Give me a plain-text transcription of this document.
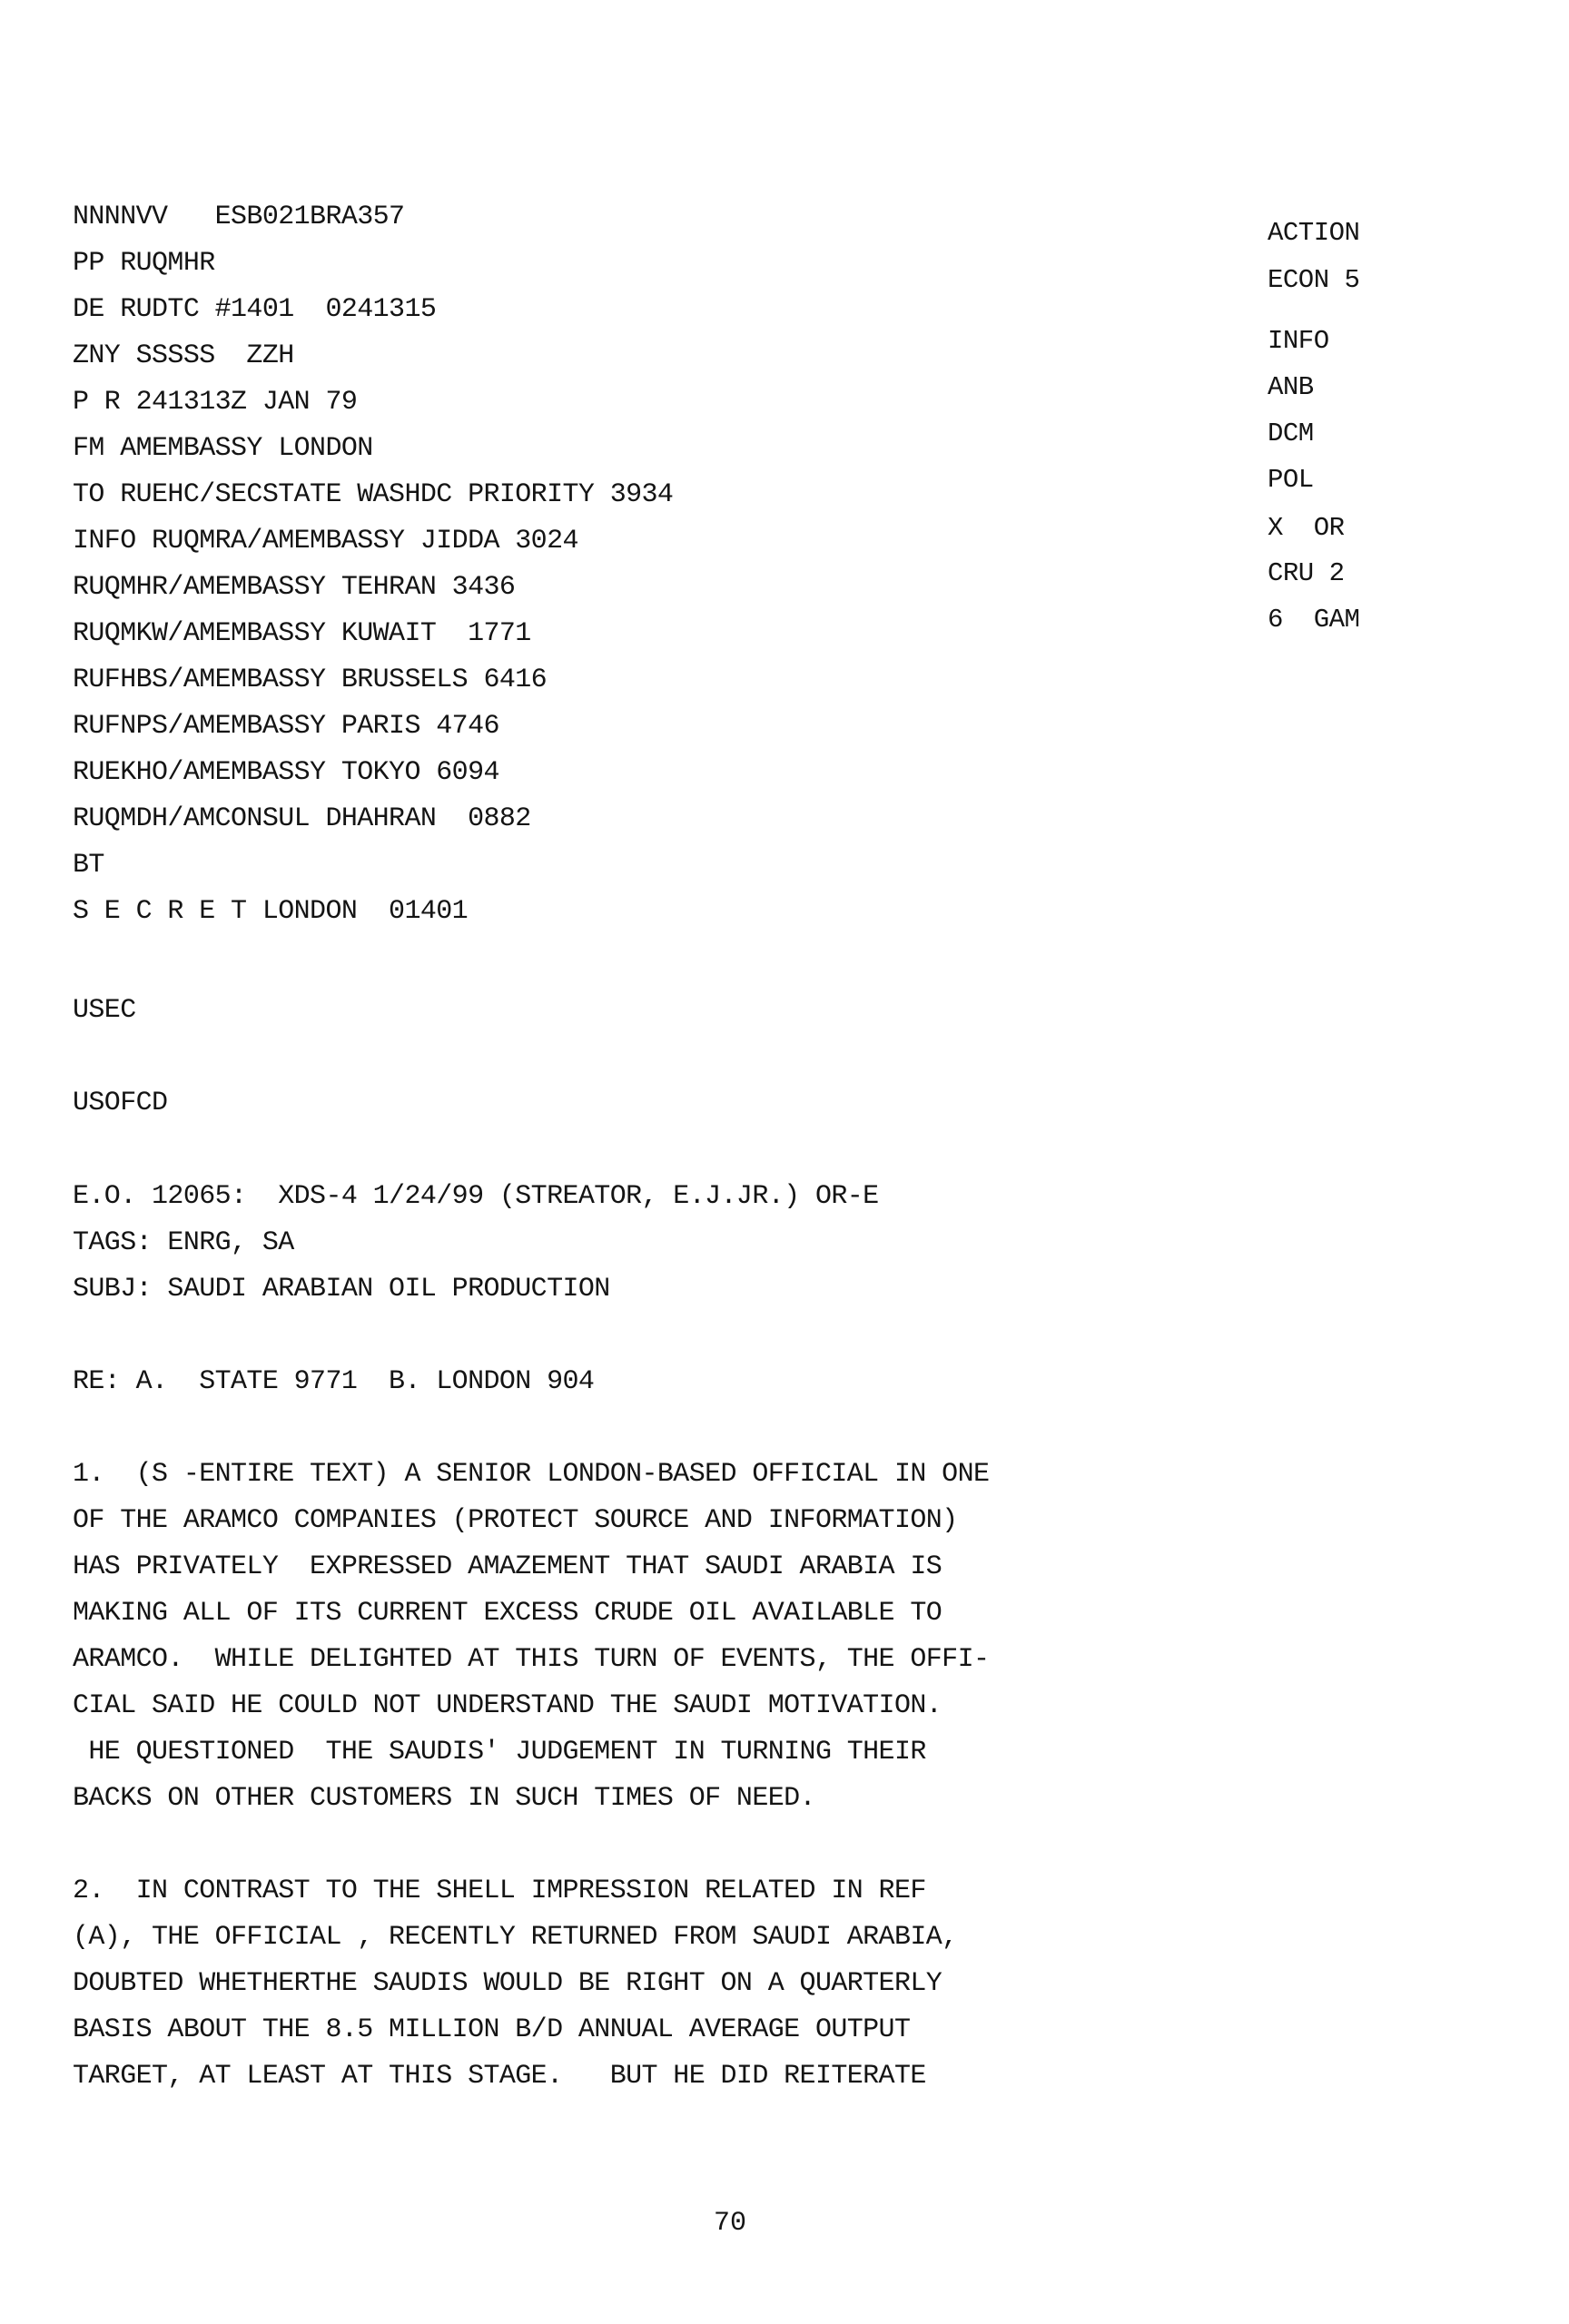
NNNNVV   ESB021BRA357
PP RUQMHR
DE RUDTC #1401  0241315
ZNY SSSSS  ZZH
P R 241313Z JAN 79
FM AMEMBASSY LONDON
TO RUEHC/SECSTATE WASHDC PRIORITY 3934
INFO RUQMRA/AMEMBASSY JIDDA 3024
RUQMHR/AMEMBASSY TEHRAN 3436
RUQMKW/AMEMBASSY KUWAIT  1771
RUFHBS/AMEMBASSY BRUSSELS 6416
RUFNPS/AMEMBASSY PARIS 4746
RUEKHO/AMEMBASSY TOKYO 6094
RUQMDH/AMCONSUL DHAHRAN  0882
BT
S E C R E T LONDON  01401
ACTION
ECON 5
INFO
ANB
DCM
POL
X  OR
CRU 2
6  GAM
USEC
USOFCD
E.O. 12065:  XDS-4 1/24/99 (STREATOR, E.J.JR.) OR-E
TAGS: ENRG, SA
SUBJ: SAUDI ARABIAN OIL PRODUCTION
RE: A.  STATE 9771  B. LONDON 904
1.  (S -ENTIRE TEXT) A SENIOR LONDON-BASED OFFICIAL IN ONE
OF THE ARAMCO COMPANIES (PROTECT SOURCE AND INFORMATION)
HAS PRIVATELY  EXPRESSED AMAZEMENT THAT SAUDI ARABIA IS
MAKING ALL OF ITS CURRENT EXCESS CRUDE OIL AVAILABLE TO
ARAMCO.  WHILE DELIGHTED AT THIS TURN OF EVENTS, THE OFFI-
CIAL SAID HE COULD NOT UNDERSTAND THE SAUDI MOTIVATION.
HE QUESTIONED  THE SAUDIS' JUDGEMENT IN TURNING THEIR
BACKS ON OTHER CUSTOMERS IN SUCH TIMES OF NEED.
2.  IN CONTRAST TO THE SHELL IMPRESSION RELATED IN REF
(A), THE OFFICIAL , RECENTLY RETURNED FROM SAUDI ARABIA,
DOUBTED WHETHERTHE SAUDIS WOULD BE RIGHT ON A QUARTERLY
BASIS ABOUT THE 8.5 MILLION B/D ANNUAL AVERAGE OUTPUT
TARGET, AT LEAST AT THIS STAGE.   BUT HE DID REITERATE
70
